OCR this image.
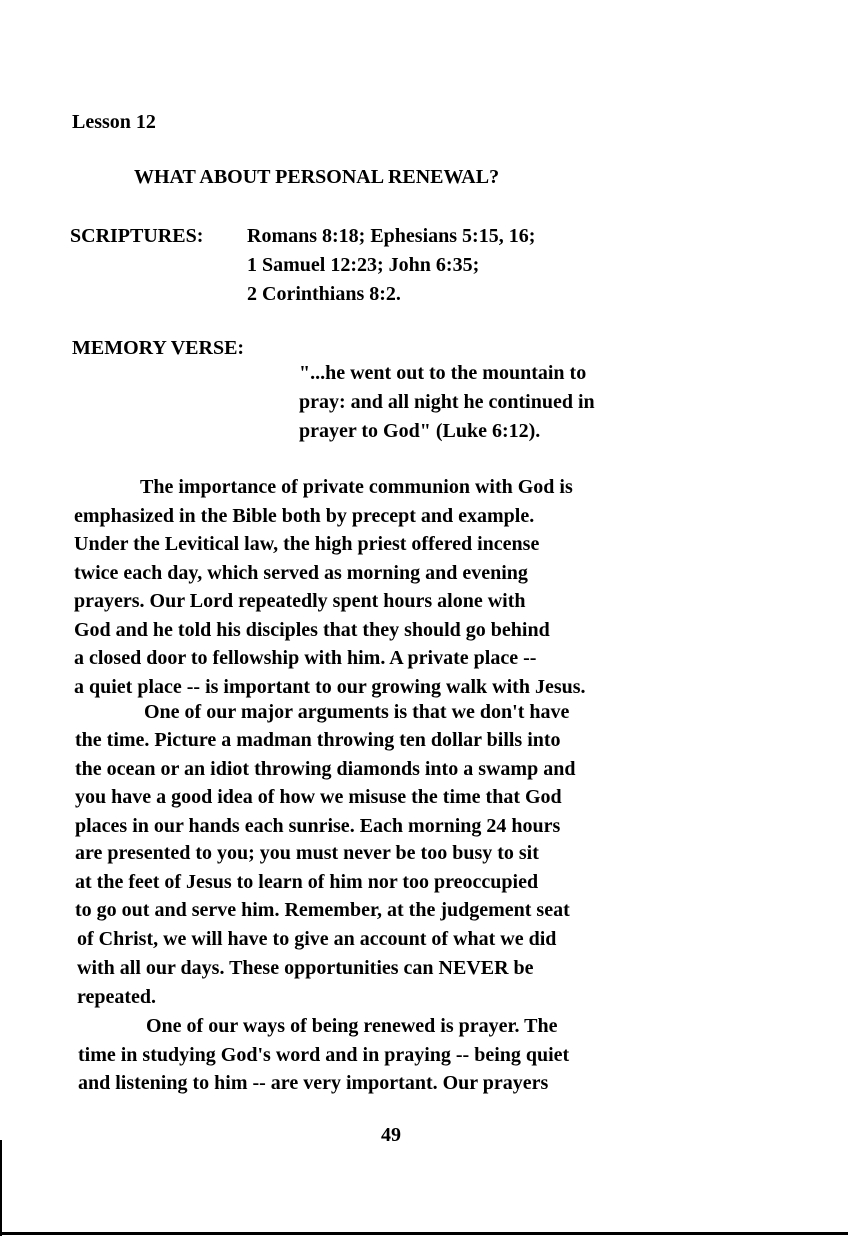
Lesson 12
WHAT ABOUT PERSONAL RENEWAL?
SCRIPTURES: Romans 8:18; Ephesians 5:15, 16;
1 Samuel 12:23; John 6:35;
2 Corinthians 8:2.
MEMORY VERSE:
"...he went out to the mountain to
pray: and all night he continued in
prayer to God" (Luke 6:12).
The importance of private communion with God is
emphasized in the Bible both by precept and example.
Under the Levitical law, the high priest offered incense
twice each day, which served as morning and evening
prayers. Our Lord repeatedly spent hours alone with
God and he told his disciples that they should go behind
a closed door to fellowship with him. A private place --
a quiet place -- is important to our growing walk with Jesus.
One of our major arguments is that we don't have
the time. Picture a madman throwing ten dollar bills into
the ocean or an idiot throwing diamonds into a swamp and
you have a good idea of how we misuse the time that God
places in our hands each sunrise. Each morning 24 hours
are presented to you; you must never be too busy to sit
at the feet of Jesus to learn of him nor too preoccupied
to go out and serve him. Remember, at the judgement seat
of Christ, we will have to give an account of what we did
with all our days. These opportunities can NEVER be
repeated.
One of our ways of being renewed is prayer. The
time in studying God's word and in praying -- being quiet
and listening to him -- are very important. Our prayers
49
